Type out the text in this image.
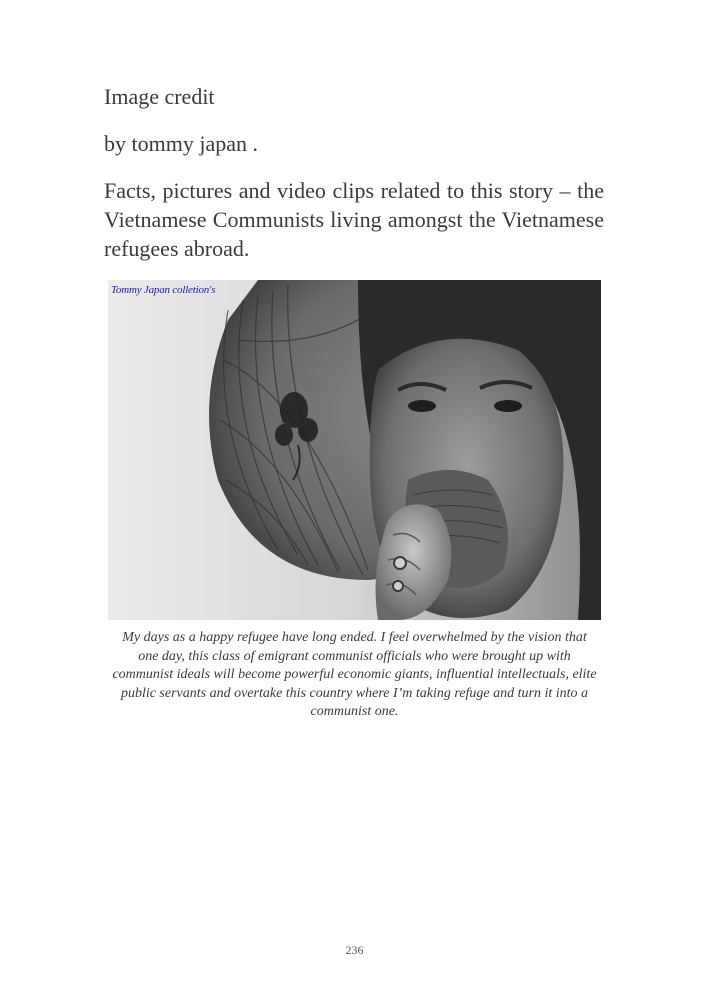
Image credit
by tommy japan .
Facts, pictures and video clips related to this story – the Vietnamese Communists living amongst the Vietnamese refugees abroad.
Tommy Japan colletion's
My days as a happy refugee have long ended. I feel overwhelmed by the vision that one day, this class of emigrant communist officials who were brought up with communist ideals will become powerful economic giants, influential intellectuals, elite public servants and overtake this country where I’m taking refuge and turn it into a communist one.
236
